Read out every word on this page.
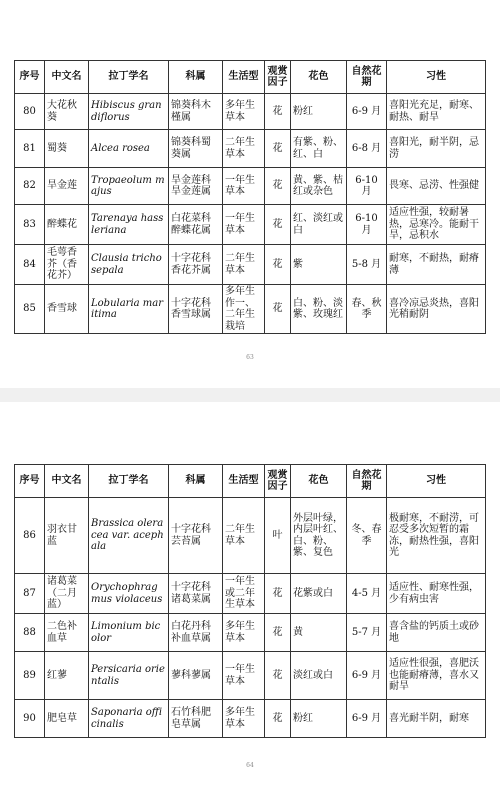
序号	中文名	拉丁学名	科属	生活型	观赏因子	花色	自然花期	习性
80	大花秋葵	Hibiscus grandiflorus	锦葵科木槿属	多年生草本	花	粉红	6-9 月	喜阳光充足，耐寒、耐热、耐旱
81	蜀葵	Alcea rosea	锦葵科蜀葵属	二年生草本	花	有紫、粉、红、白	6-8 月	喜阳光，耐半阴，忌涝
82	旱金莲	Tropaeolum majus	旱金莲科旱金莲属	一年生草本	花	黄、紫、桔红或杂色	6-10 月	畏寒、忌涝、性强健
83	醉蝶花	Tarenaya hassleriana	白花菜科醉蝶花属	一年生草本	花	红、淡红或白	6-10 月	适应性强，较耐暑热，忌寒冷。能耐干旱，忌积水
84	毛萼香芥（香花芥）	Clausia trichosepala	十字花科香花芥属	二年生草本	花	紫	5-8 月	耐寒，不耐热，耐瘠薄
85	香雪球	Lobularia maritima	十字花科香雪球属	多年生作一、二年生栽培	花	白、粉、淡紫、玫瑰红	春、秋季	喜冷凉忌炎热，喜阳光稍耐阴
63
序号	中文名	拉丁学名	科属	生活型	观赏因子	花色	自然花期	习性
86	羽衣甘蓝	Brassica oleracea var. acephala	十字花科芸苔属	二年生草本	叶	外层叶绿，内层叶红、白、粉、紫、复色	冬、春季	极耐寒，不耐涝，可忍受多次短暂的霜冻，耐热性强，喜阳光
87	诸葛菜（二月蓝）	Orychophragmus violaceus	十字花科诸葛菜属	一年生或二年生草本	花	花紫或白	4-5 月	适应性、耐寒性强，少有病虫害
88	二色补血草	Limonium bicolor	白花丹科补血草属	多年生草本	花	黄	5-7 月	喜含盐的钙质土或砂地
89	红蓼	Persicaria orientalis	蓼科蓼属	一年生草本	花	淡红或白	6-9 月	适应性很强，喜肥沃也能耐瘠薄，喜水又耐旱
90	肥皂草	Saponaria officinalis	石竹科肥皂草属	多年生草本	花	粉红	6-9 月	喜光耐半阴，耐寒
64
